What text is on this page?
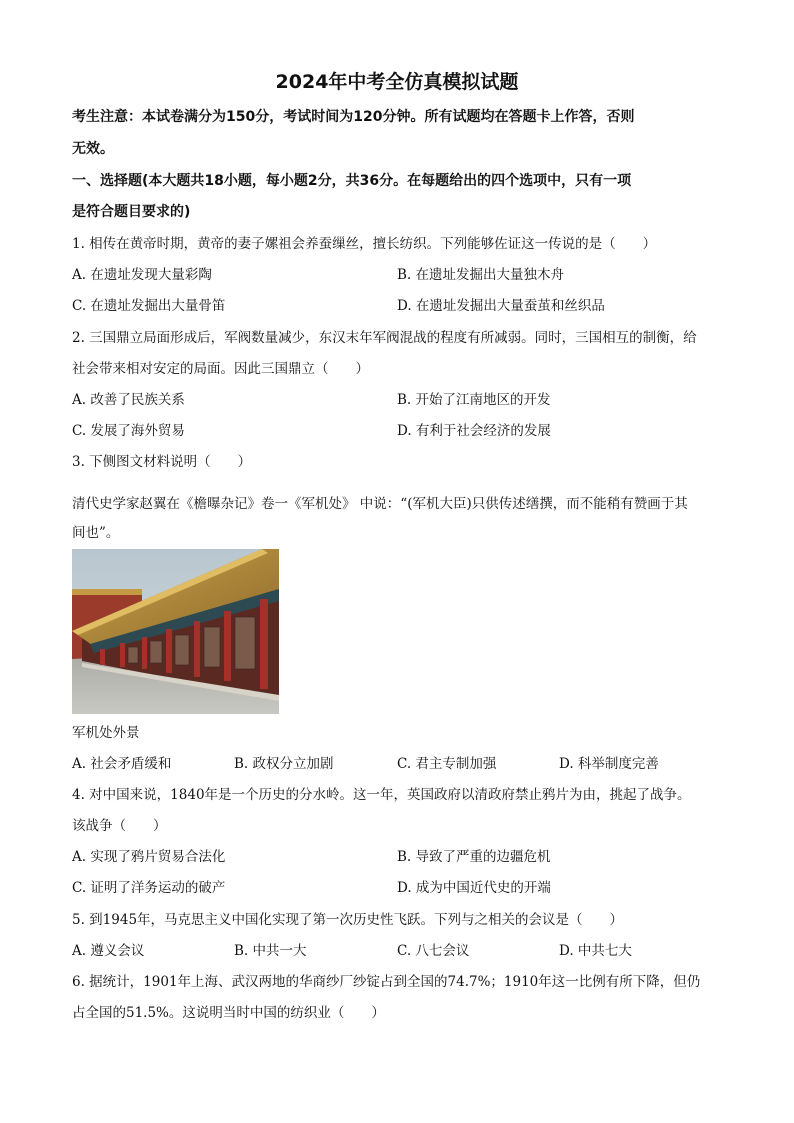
2024年中考全仿真模拟试题
考生注意：本试卷满分为150分，考试时间为120分钟。所有试题均在答题卡上作答，否则
无效。
一、选择题(本大题共18小题，每小题2分，共36分。在每题给出的四个选项中，只有一项
是符合题目要求的)
1. 相传在黄帝时期，黄帝的妻子嫘祖会养蚕缫丝，擅长纺织。下列能够佐证这一传说的是（　　）
A. 在遗址发现大量彩陶	B. 在遗址发掘出大量独木舟
C. 在遗址发掘出大量骨笛	D. 在遗址发掘出大量蚕茧和丝织品
2. 三国鼎立局面形成后，军阀数量减少，东汉末年军阀混战的程度有所减弱。同时，三国相互的制衡，给
社会带来相对安定的局面。因此三国鼎立（　　）
A. 改善了民族关系	B. 开始了江南地区的开发
C. 发展了海外贸易	D. 有利于社会经济的发展
3. 下侧图文材料说明（　　）
清代史学家赵翼在《檐曝杂记》卷一《军机处》 中说：“(军机大臣)只供传述缮撰，而不能稍有赞画于其
间也”。
军机处外景
A. 社会矛盾缓和	B. 政权分立加剧	C. 君主专制加强	D. 科举制度完善
4. 对中国来说，1840年是一个历史的分水岭。这一年，英国政府以清政府禁止鸦片为由，挑起了战争。
该战争（　　）
A. 实现了鸦片贸易合法化	B. 导致了严重的边疆危机
C. 证明了洋务运动的破产	D. 成为中国近代史的开端
5. 到1945年，马克思主义中国化实现了第一次历史性飞跃。下列与之相关的会议是（　　）
A. 遵义会议	B. 中共一大	C. 八七会议	D. 中共七大
6. 据统计，1901年上海、武汉两地的华商纱厂纱锭占到全国的74.7%；1910年这一比例有所下降，但仍
占全国的51.5%。这说明当时中国的纺织业（　　）
